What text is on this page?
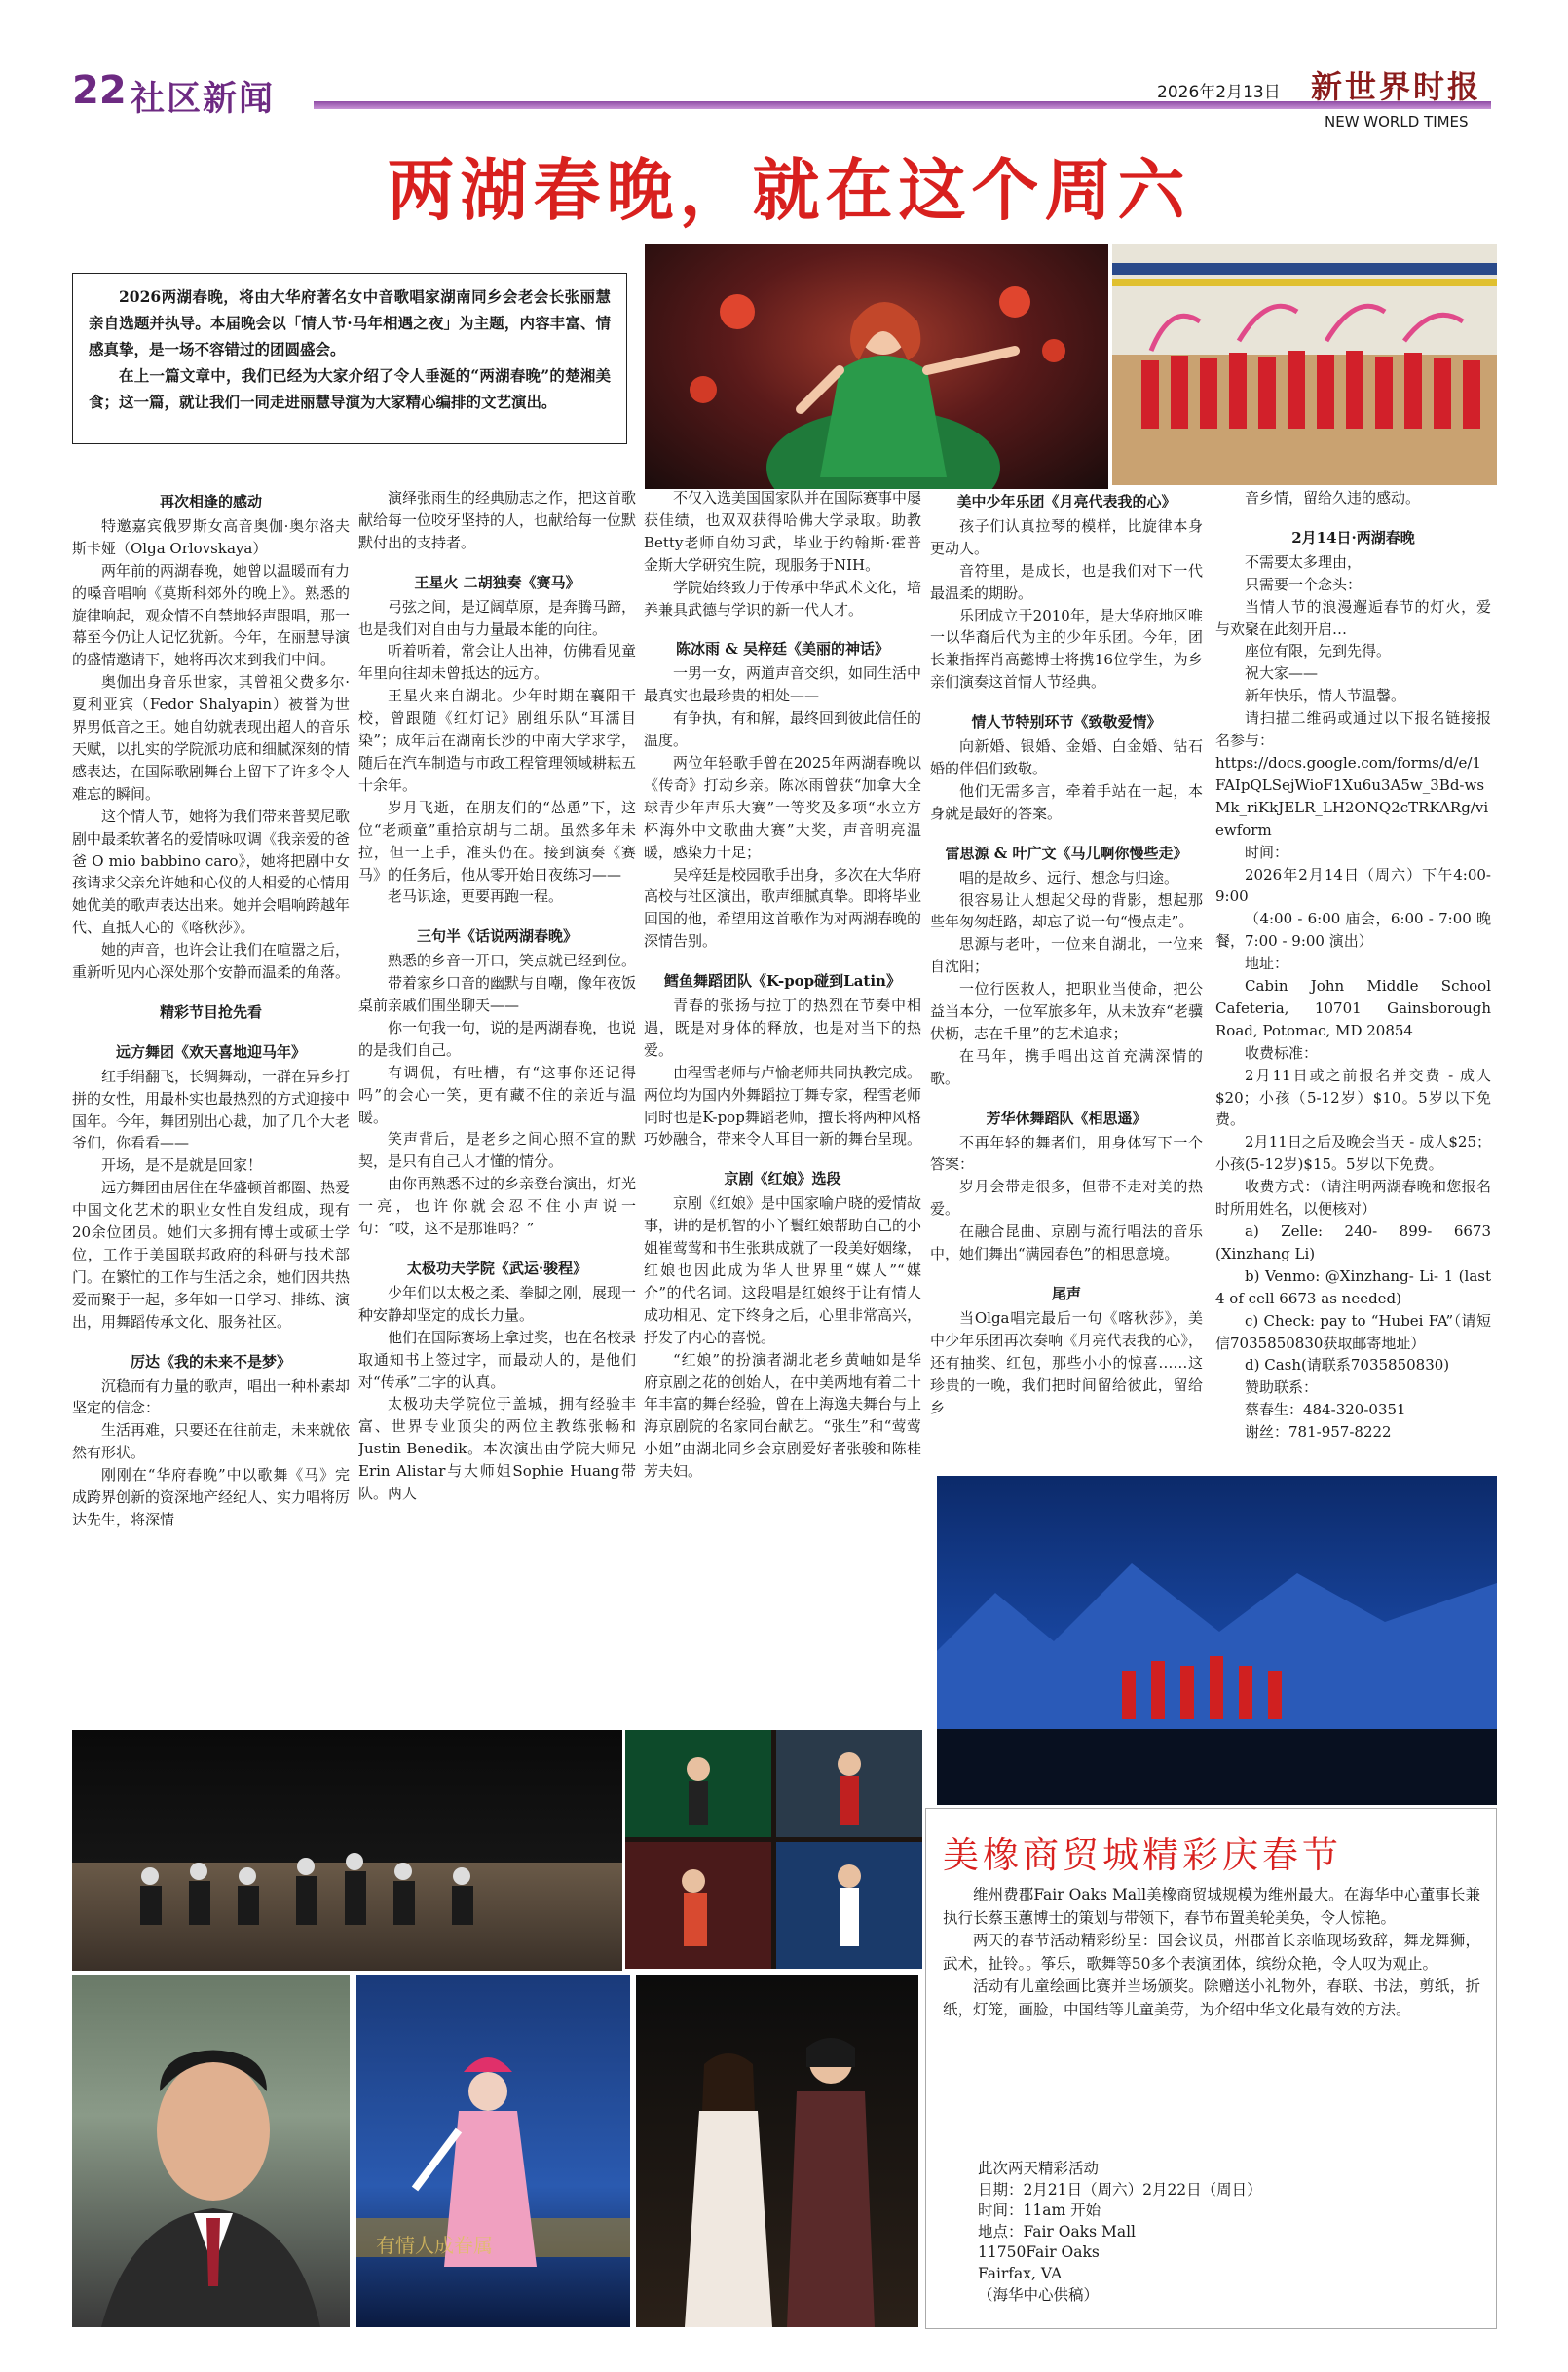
22 社区新闻	2026年2月13日 新世界时报
NEW WORLD TIMES
两湖春晚，就在这个周六

2026两湖春晚，将由大华府著名女中音歌唱家湖南同乡会老会长张丽慧亲自选题并执导。本届晚会以「情人节·马年相遇之夜」为主题，内容丰富、情感真挚，是一场不容错过的团圆盛会。

在上一篇文章中，我们已经为大家介绍了令人垂涎的“两湖春晚”的楚湘美食；这一篇，就让我们一同走进丽慧导演为大家精心编排的文艺演出。

再次相逢的感动

特邀嘉宾俄罗斯女高音奥伽·奥尔洛夫斯卡娅（Olga Orlovskaya）

两年前的两湖春晚，她曾以温暖而有力的嗓音唱响《莫斯科郊外的晚上》。熟悉的旋律响起，观众情不自禁地轻声跟唱，那一幕至今仍让人记忆犹新。今年，在丽慧导演的盛情邀请下，她将再次来到我们中间。

奥伽出身音乐世家，其曾祖父费多尔·夏利亚宾（Fedor Shalyapin）被誉为世界男低音之王。她自幼就表现出超人的音乐天赋，以扎实的学院派功底和细腻深刻的情感表达，在国际歌剧舞台上留下了许多令人难忘的瞬间。

这个情人节，她将为我们带来普契尼歌剧中最柔软著名的爱情咏叹调《我亲爱的爸爸 O mio babbino caro》，她将把剧中女孩请求父亲允许她和心仪的人相爱的心情用她优美的歌声表达出来。她并会唱响跨越年代、直抵人心的《喀秋莎》。

她的声音，也许会让我们在喧嚣之后，重新听见内心深处那个安静而温柔的角落。

精彩节目抢先看

远方舞团《欢天喜地迎马年》

红手绢翻飞，长绸舞动，一群在异乡打拼的女性，用最朴实也最热烈的方式迎接中国年。今年，舞团别出心裁，加了几个大老爷们，你看看——

开场，是不是就是回家！

远方舞团由居住在华盛顿首都圈、热爱中国文化艺术的职业女性自发组成，现有20余位团员。她们大多拥有博士或硕士学位，工作于美国联邦政府的科研与技术部门。在繁忙的工作与生活之余，她们因共热爱而聚于一起，多年如一日学习、排练、演出，用舞蹈传承文化、服务社区。

厉达《我的未来不是梦》

沉稳而有力量的歌声，唱出一种朴素却坚定的信念：

生活再难，只要还在往前走，未来就依然有形状。

刚刚在“华府春晚”中以歌舞《马》完成跨界创新的资深地产经纪人、实力唱将厉达先生，将深情

演绎张雨生的经典励志之作，把这首歌献给每一位咬牙坚持的人，也献给每一位默默付出的支持者。

王星火 二胡独奏《赛马》

弓弦之间，是辽阔草原，是奔腾马蹄，也是我们对自由与力量最本能的向往。

听着听着，常会让人出神，仿佛看见童年里向往却未曾抵达的远方。

王星火来自湖北。少年时期在襄阳干校，曾跟随《红灯记》剧组乐队“耳濡目染”；成年后在湖南长沙的中南大学求学，随后在汽车制造与市政工程管理领域耕耘五十余年。

岁月飞逝，在朋友们的“怂恿”下，这位“老顽童”重拾京胡与二胡。虽然多年未拉，但一上手，准头仍在。接到演奏《赛马》的任务后，他从零开始日夜练习——

老马识途，更要再跑一程。

三句半《话说两湖春晚》

熟悉的乡音一开口，笑点就已经到位。

带着家乡口音的幽默与自嘲，像年夜饭桌前亲戚们围坐聊天——

你一句我一句，说的是两湖春晚，也说的是我们自己。

有调侃，有吐槽，有“这事你还记得吗”的会心一笑，更有藏不住的亲近与温暖。

笑声背后，是老乡之间心照不宣的默契，是只有自己人才懂的情分。

由你再熟悉不过的乡亲登台演出，灯光一亮，也许你就会忍不住小声说一句：“哎，这不是那谁吗？”

太极功夫学院《武运·骏程》

少年们以太极之柔、拳脚之刚，展现一种安静却坚定的成长力量。

他们在国际赛场上拿过奖，也在名校录取通知书上签过字，而最动人的，是他们对“传承”二字的认真。

太极功夫学院位于盖城，拥有经验丰富、世界专业顶尖的两位主教练张畅和Justin Benedik。本次演出由学院大师兄Erin Alistar与大师姐Sophie Huang带队。两人

不仅入选美国国家队并在国际赛事中屡获佳绩，也双双获得哈佛大学录取。助教Betty老师自幼习武，毕业于约翰斯·霍普金斯大学研究生院，现服务于NIH。

学院始终致力于传承中华武术文化，培养兼具武德与学识的新一代人才。

陈冰雨 & 吴梓廷《美丽的神话》

一男一女，两道声音交织，如同生活中最真实也最珍贵的相处——

有争执，有和解，最终回到彼此信任的温度。

两位年轻歌手曾在2025年两湖春晚以《传奇》打动乡亲。陈冰雨曾获“加拿大全球青少年声乐大赛”一等奖及多项“水立方杯海外中文歌曲大赛”大奖，声音明亮温暖，感染力十足；

吴梓廷是校园歌手出身，多次在大华府高校与社区演出，歌声细腻真挚。即将毕业回国的他，希望用这首歌作为对两湖春晚的深情告别。

鳕鱼舞蹈团队《K-pop碰到Latin》

青春的张扬与拉丁的热烈在节奏中相遇，既是对身体的释放，也是对当下的热爱。

由程雪老师与卢愉老师共同执教完成。两位均为国内外舞蹈拉丁舞专家，程雪老师同时也是K-pop舞蹈老师，擅长将两种风格巧妙融合，带来令人耳目一新的舞台呈现。

京剧《红娘》选段

京剧《红娘》是中国家喻户晓的爱情故事，讲的是机智的小丫鬟红娘帮助自己的小姐崔莺莺和书生张珙成就了一段美好姻缘，红娘也因此成为华人世界里“媒人”“媒介”的代名词。这段唱是红娘终于让有情人成功相见、定下终身之后，心里非常高兴，抒发了内心的喜悦。

“红娘”的扮演者湖北老乡黄岫如是华府京剧之花的创始人，在中美两地有着二十年丰富的舞台经验，曾在上海逸夫舞台与上海京剧院的名家同台献艺。“张生”和“莺莺小姐”由湖北同乡会京剧爱好者张骏和陈桂芳夫妇。

美中少年乐团《月亮代表我的心》

孩子们认真拉琴的模样，比旋律本身更动人。

音符里，是成长，也是我们对下一代最温柔的期盼。

乐团成立于2010年，是大华府地区唯一以华裔后代为主的少年乐团。今年，团长兼指挥肖高懿博士将携16位学生，为乡亲们演奏这首情人节经典。

情人节特别环节《致敬爱情》

向新婚、银婚、金婚、白金婚、钻石婚的伴侣们致敬。

他们无需多言，牵着手站在一起，本身就是最好的答案。

雷思源 & 叶广文《马儿啊你慢些走》

唱的是故乡、远行、想念与归途。

很容易让人想起父母的背影，想起那些年匆匆赶路，却忘了说一句“慢点走”。

思源与老叶，一位来自湖北，一位来自沈阳；

一位行医救人，把职业当使命，把公益当本分，一位军旅多年，从未放弃“老骥伏枥，志在千里”的艺术追求；

在马年，携手唱出这首充满深情的歌。

芳华休舞蹈队《相思遥》

不再年轻的舞者们，用身体写下一个答案：

岁月会带走很多，但带不走对美的热爱。

在融合昆曲、京剧与流行唱法的音乐中，她们舞出“满园春色”的相思意境。

尾声

当Olga唱完最后一句《喀秋莎》，美中少年乐团再次奏响《月亮代表我的心》，还有抽奖、红包，那些小小的惊喜……这珍贵的一晚，我们把时间留给彼此，留给乡

音乡情，留给久违的感动。

2月14日·两湖春晚

不需要太多理由，

只需要一个念头：

当情人节的浪漫邂逅春节的灯火，爱与欢聚在此刻开启…

座位有限，先到先得。

祝大家——

新年快乐，情人节温馨。

请扫描二维码或通过以下报名链接报名参与：

https://docs.google.com/forms/d/e/1FAIpQLSejWioF1Xu6u3A5w_3Bd-wsMk_riKkJELR_LH2ONQ2cTRKARg/viewform

时间：

2026年2月14日（周六）下午4:00-9:00

（4:00 - 6:00 庙会，6:00 - 7:00 晚餐，7:00 - 9:00 演出）

地址：

Cabin John Middle School Cafeteria, 10701 Gainsborough Road, Potomac, MD 20854

收费标准：

2月11日或之前报名并交费 - 成人$20；小孩（5-12岁）$10。5岁以下免费。

2月11日之后及晚会当天 - 成人$25；小孩(5-12岁)$15。5岁以下免费。

收费方式：（请注明两湖春晚和您报名时所用姓名，以便核对）

a) Zelle: 240- 899- 6673 (Xinzhang Li)

b) Venmo: @Xinzhang- Li- 1 (last 4 of cell 6673 as needed)

c) Check: pay to “Hubei FA”（请短信7035850830获取邮寄地址）

d) Cash(请联系7035850830)

赞助联系：

蔡春生：484-320-0351

谢丝：781-957-8222

有情人成眷属
美橡商贸城精彩庆春节

维州费郡Fair Oaks Mall美橡商贸城规模为维州最大。在海华中心董事长兼执行长蔡玉蕙博士的策划与带领下，春节布置美轮美奂，令人惊艳。

两天的春节活动精彩纷呈：国会议员，州郡首长亲临现场致辞，舞龙舞狮，武术，扯铃。。筝乐，歌舞等50多个表演团体，缤纷众艳，令人叹为观止。

活动有儿童绘画比赛并当场颁奖。除赠送小礼物外，春联、书法，剪纸，折纸，灯笼，画脸，中国结等儿童美劳，为介绍中华文化最有效的方法。

此次两天精彩活动
日期：2月21日（周六）2月22日（周日）
时间：11am 开始
地点：Fair Oaks Mall
11750Fair Oaks
Fairfax, VA
（海华中心供稿）
